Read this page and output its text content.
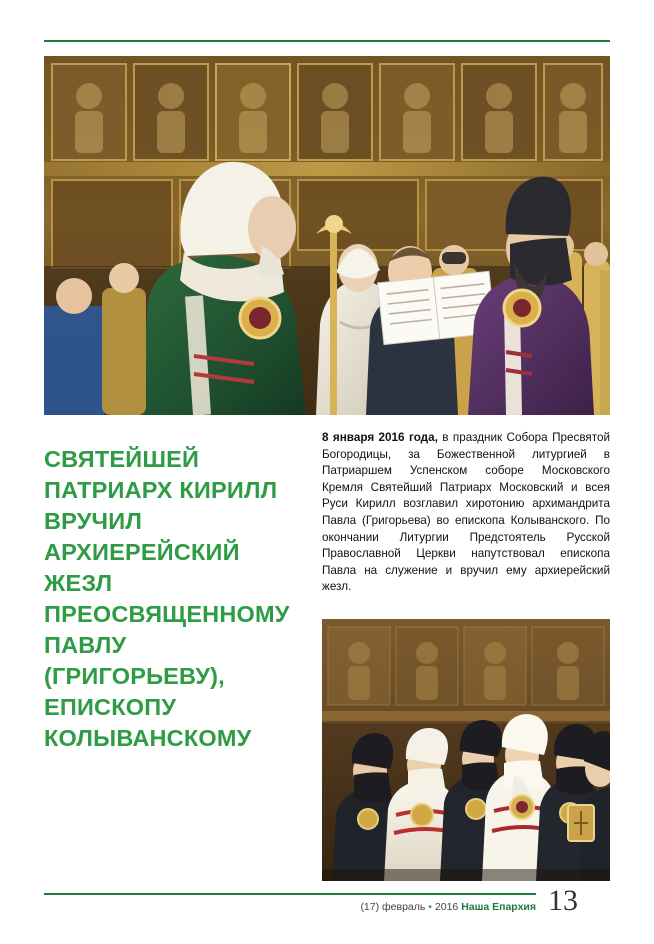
СВЯТЕЙШЕЙ ПАТРИАРХ КИРИЛЛ ВРУЧИЛ АРХИЕРЕЙСКИЙ ЖЕЗЛ ПРЕОСВЯЩЕННОМУ ПАВЛУ (ГРИГОРЬЕВУ), ЕПИСКОПУ КОЛЫВАНСКОМУ
8 января 2016 года, в праздник Собора Пресвятой Богородицы, за Божественной литургией в Патриаршем Успенском соборе Московского Кремля Святейший Патриарх Московский и всея Руси Кирилл возглавил хиротонию архимандрита Павла (Григорьева) во епископа Колыванского. По окончании Литургии Предстоятель Русской Православной Церкви напутствовал епископа Павла на служение и вручил ему архиерейский жезл.
(17) февраль • 2016 Наша Епархия 13
